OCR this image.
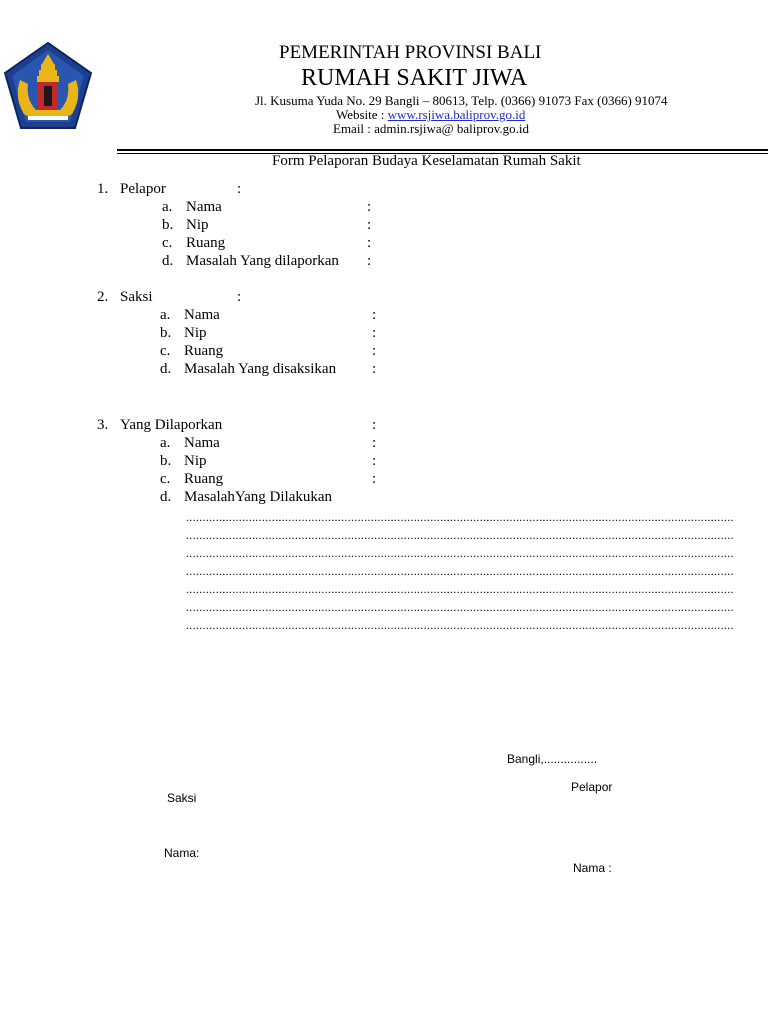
PEMERINTAH PROVINSI BALI
RUMAH SAKIT JIWA
Jl. Kusuma Yuda No. 29 Bangli – 80613, Telp. (0366) 91073 Fax (0366) 91074
Website : www.rsjiwa.baliprov.go.id
Email : admin.rsjiwa@ baliprov.go.id
Form Pelaporan Budaya Keselamatan Rumah Sakit
1. Pelapor	:
a. Nama	:
b. Nip	:
c. Ruang	:
d. Masalah Yang dilaporkan :
2. Saksi	:
a. Nama	:
b. Nip	:
c. Ruang	:
d. Masalah Yang disaksikan :
3. Yang Dilaporkan	:
a. Nama	:
b. Nip	:
c. Ruang	:
d. MasalahYang Dilakukan
......................................................................................................................................................................
......................................................................................................................................................................
......................................................................................................................................................................
......................................................................................................................................................................
......................................................................................................................................................................
......................................................................................................................................................................
......................................................................................................................................................................
Bangli,................
Pelapor
Saksi
Nama:
Nama :
